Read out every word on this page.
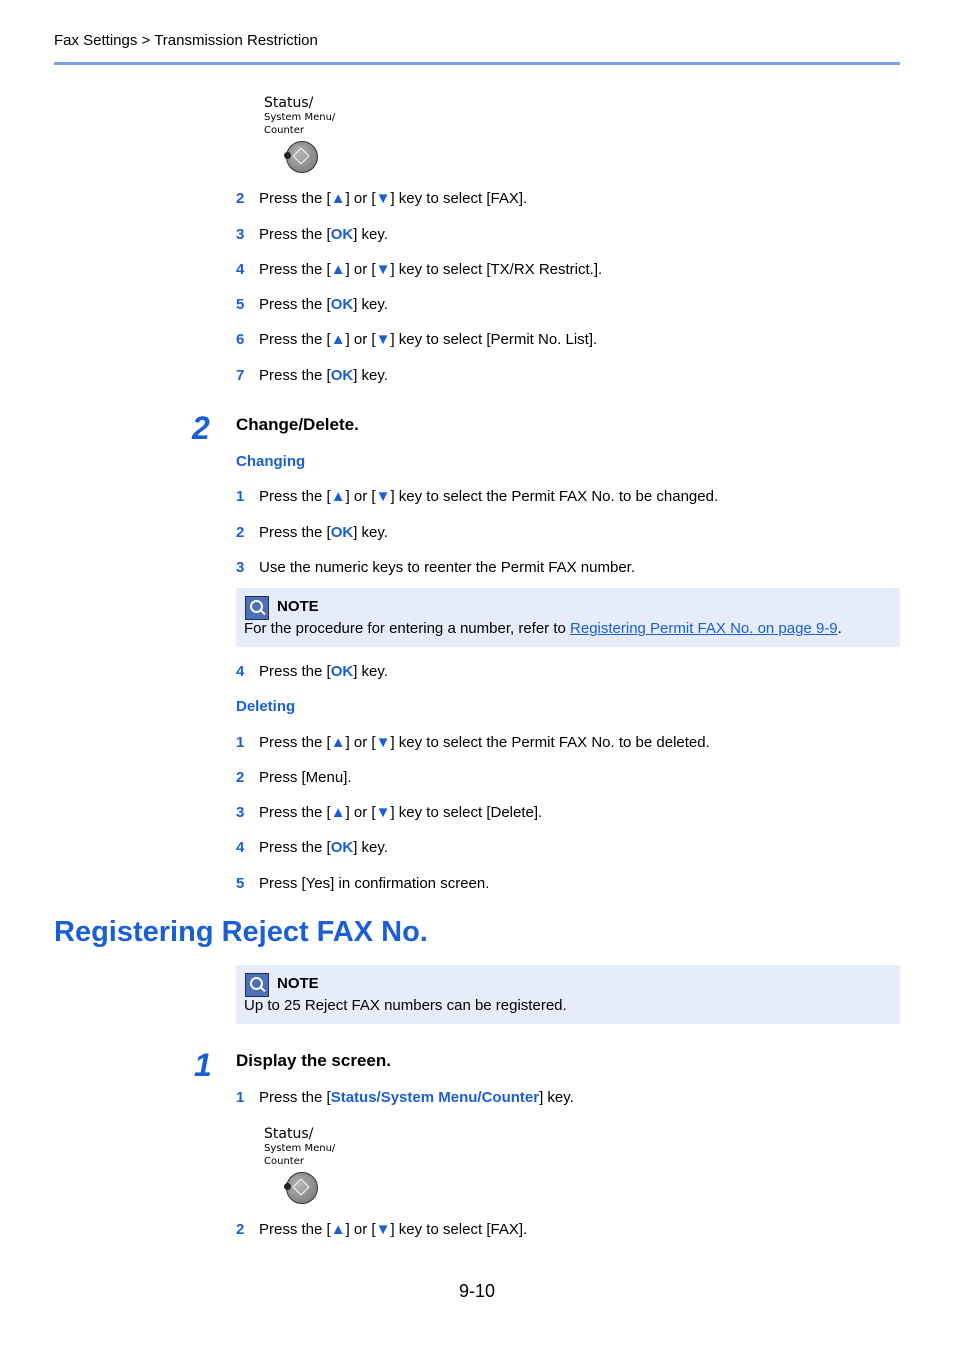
Fax Settings > Transmission Restriction
Status/
System Menu/
Counter
2 Press the [▲] or [▼] key to select [FAX].
3 Press the [OK] key.
4 Press the [▲] or [▼] key to select [TX/RX Restrict.].
5 Press the [OK] key.
6 Press the [▲] or [▼] key to select [Permit No. List].
7 Press the [OK] key.
2 Change/Delete.
Changing
1 Press the [▲] or [▼] key to select the Permit FAX No. to be changed.
2 Press the [OK] key.
3 Use the numeric keys to reenter the Permit FAX number.
NOTE
For the procedure for entering a number, refer to Registering Permit FAX No. on page 9-9.
4 Press the [OK] key.
Deleting
1 Press the [▲] or [▼] key to select the Permit FAX No. to be deleted.
2 Press [Menu].
3 Press the [▲] or [▼] key to select [Delete].
4 Press the [OK] key.
5 Press [Yes] in confirmation screen.
Registering Reject FAX No.
NOTE
Up to 25 Reject FAX numbers can be registered.
1 Display the screen.
1 Press the [Status/System Menu/Counter] key.
Status/
System Menu/
Counter
2 Press the [▲] or [▼] key to select [FAX].
9-10
